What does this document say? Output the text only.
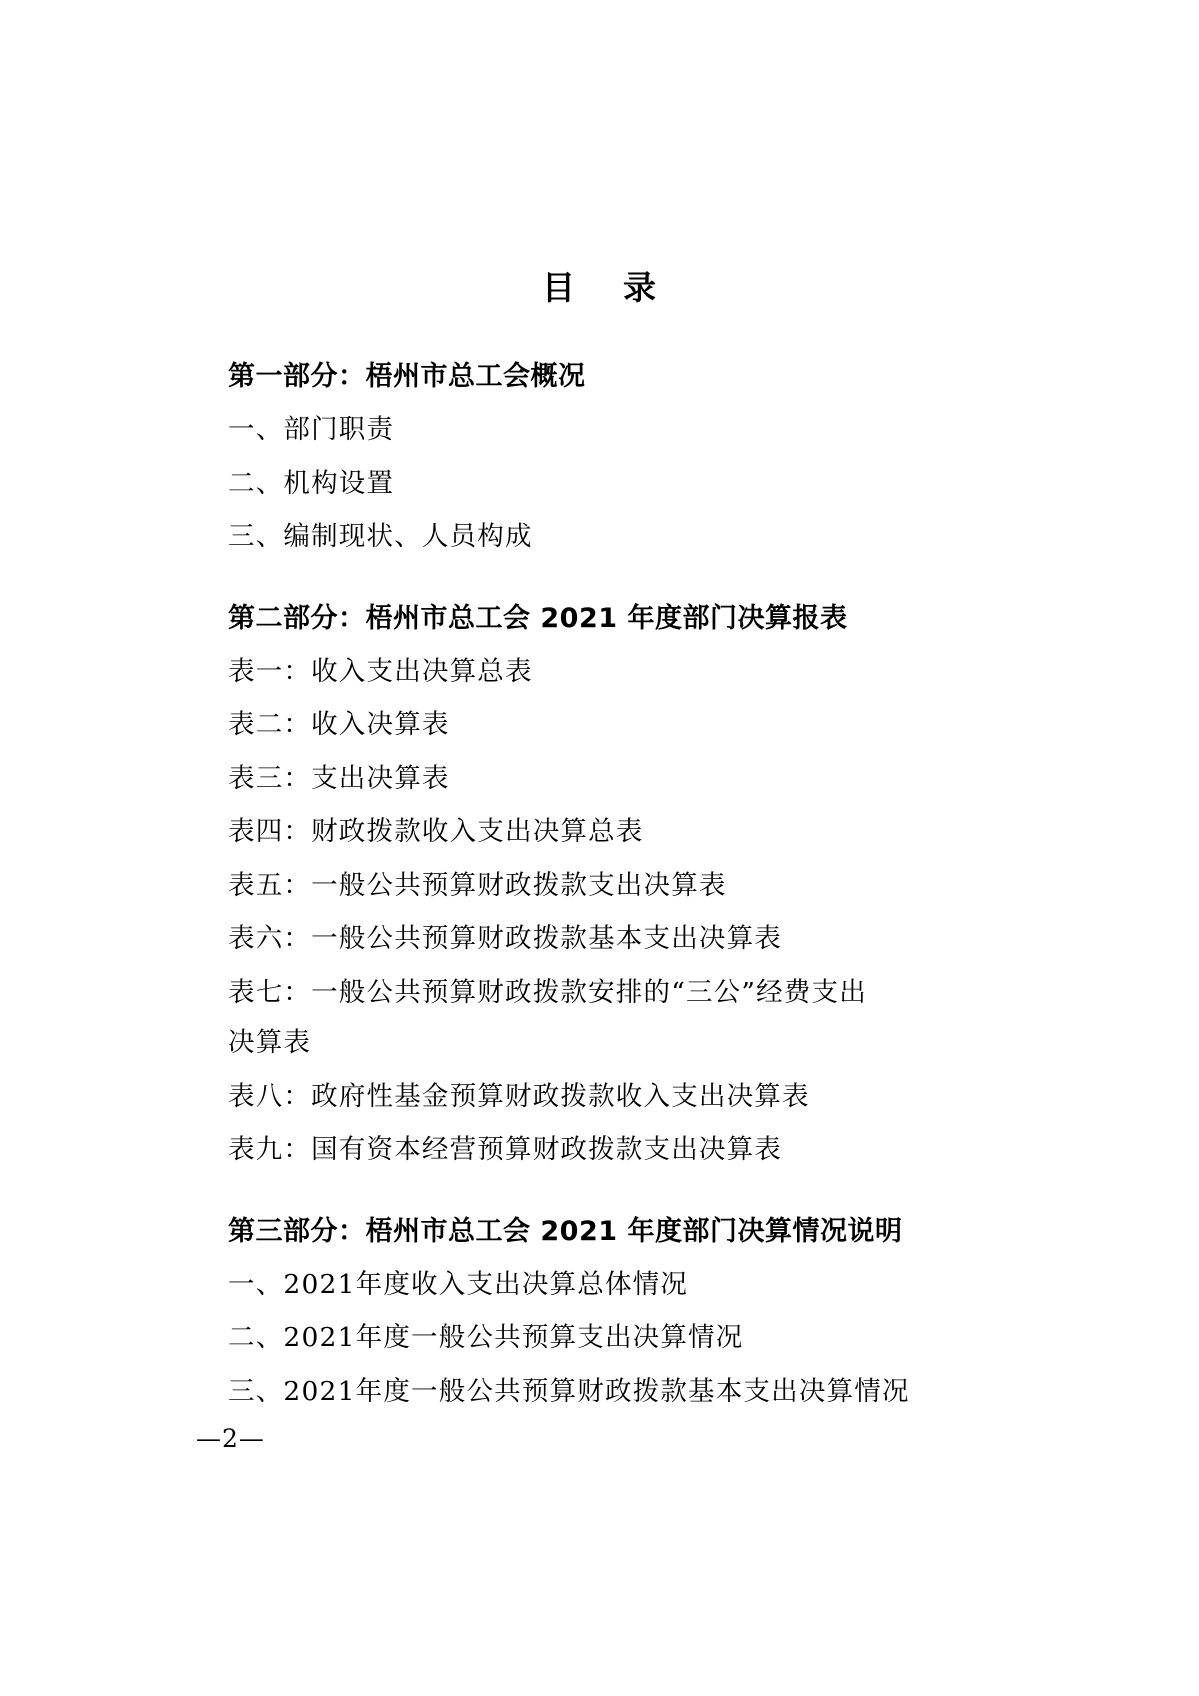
目 录
第一部分：梧州市总工会概况
一、部门职责
二、机构设置
三、编制现状、人员构成
第二部分：梧州市总工会 2021 年度部门决算报表
表一：收入支出决算总表
表二：收入决算表
表三：支出决算表
表四：财政拨款收入支出决算总表
表五：一般公共预算财政拨款支出决算表
表六：一般公共预算财政拨款基本支出决算表
表七：一般公共预算财政拨款安排的“三公”经费支出
决算表
表八：政府性基金预算财政拨款收入支出决算表
表九：国有资本经营预算财政拨款支出决算表
第三部分：梧州市总工会 2021 年度部门决算情况说明
一、2021年度收入支出决算总体情况
二、2021年度一般公共预算支出决算情况
三、2021年度一般公共预算财政拨款基本支出决算情况
—2—
